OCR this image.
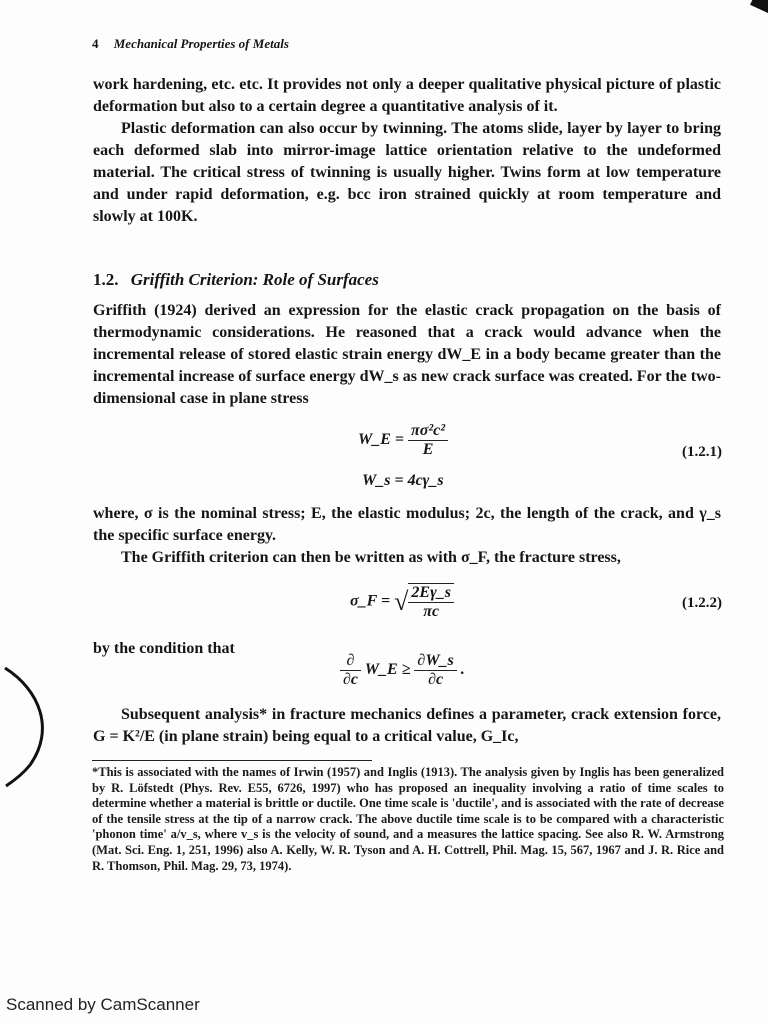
4 Mechanical Properties of Metals

work hardening, etc. etc. It provides not only a deeper qualitative physical picture of plastic deformation but also to a certain degree a quantitative analysis of it.

Plastic deformation can also occur by twinning. The atoms slide, layer by layer to bring each deformed slab into mirror-image lattice orientation relative to the undeformed material. The critical stress of twinning is usually higher. Twins form at low temperature and under rapid deformation, e.g. bcc iron strained quickly at room temperature and slowly at 100K.

1.2. Griffith Criterion: Role of Surfaces

Griffith (1924) derived an expression for the elastic crack propagation on the basis of thermodynamic considerations. He reasoned that a crack would advance when the incremental release of stored elastic strain energy dW_E in a body became greater than the incremental increase of surface energy dW_s as new crack surface was created. For the two-dimensional case in plane stress

W_E = $\frac{\text{πσ²c²}}{E}$	(1.2.1)
W_s = 4cγ_s

where, σ is the nominal stress; E, the elastic modulus; 2c, the length of the crack, and γ_s the specific surface energy.

The Griffith criterion can then be written as with σ_F, the fracture stress,

σ_F = √ $\frac{2E\gamma\_s}{\pi c}$	(1.2.2)

by the condition that

$\frac{\partial}{\partial c}$ W_E ≥ $\frac{\partial W\_s}{\partial c}$ .

Subsequent analysis* in fracture mechanics defines a parameter, crack extension force, G = K²/E (in plane strain) being equal to a critical value, G_Ic,

*This is associated with the names of Irwin (1957) and Inglis (1913). The analysis given by Inglis has been generalized by R. Löfstedt (Phys. Rev. E55, 6726, 1997) who has proposed an inequality involving a ratio of time scales to determine whether a material is brittle or ductile. One time scale is 'ductile', and is associated with the rate of decrease of the tensile stress at the tip of a narrow crack. The above ductile time scale is to be compared with a characteristic 'phonon time' a/v_s, where v_s is the velocity of sound, and a measures the lattice spacing. See also R. W. Armstrong (Mat. Sci. Eng. 1, 251, 1996) also A. Kelly, W. R. Tyson and A. H. Cottrell, Phil. Mag. 15, 567, 1967 and J. R. Rice and R. Thomson, Phil. Mag. 29, 73, 1974).
Scanned by CamScanner
